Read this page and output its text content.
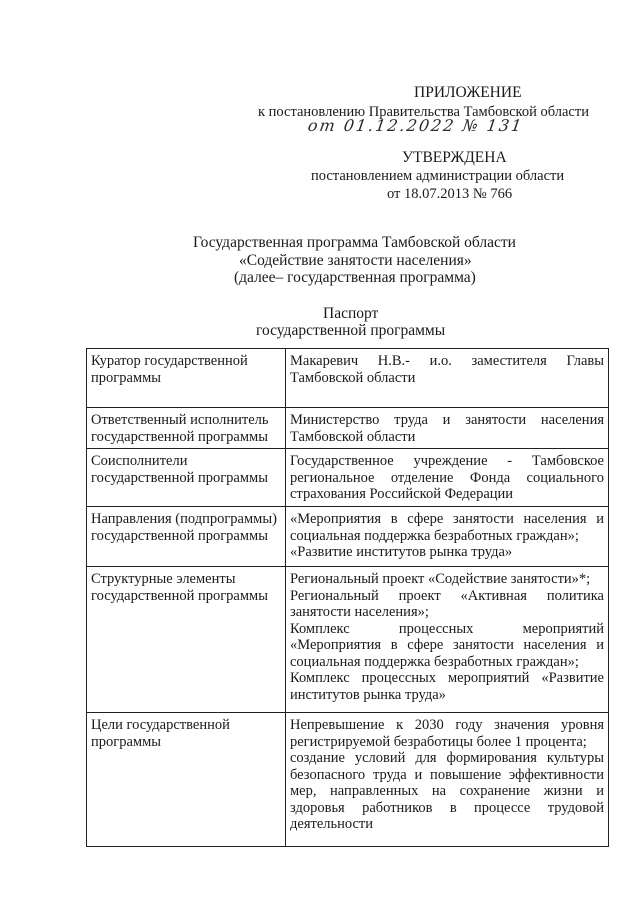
ПРИЛОЖЕНИЕ
к постановлению Правительства Тамбовской области
от 01.12.2022 № 131
УТВЕРЖДЕНА
постановлением администрации области
от 18.07.2013 № 766
Государственная программа Тамбовской области
«Содействие занятости населения»
(далее– государственная программа)
Паспорт
государственной программы
Куратор государственной программы	Макаревич Н.В.- и.о. заместителя Главы Тамбовской области

Ответственный исполнитель государственной программы	Министерство труда и занятости населения Тамбовской области

Соисполнители государственной программы	Государственное учреждение - Тамбовское региональное отделение Фонда социального страхования Российской Федерации

Направления (подпрограммы) государственной программы	«Мероприятия в сфере занятости населения и социальная поддержка безработных граждан»;
«Развитие институтов рынка труда»

Структурные элементы государственной программы	Региональный проект «Содействие занятости»*;
Региональный проект «Активная политика занятости населения»;
Комплекс процессных мероприятий «Мероприятия в сфере занятости населения и социальная поддержка безработных граждан»;
Комплекс процессных мероприятий «Развитие институтов рынка труда»

Цели государственной программы	Непревышение к 2030 году значения уровня регистрируемой безработицы более 1 процента;
создание условий для формирования культуры безопасного труда и повышение эффективности мер, направленных на сохранение жизни и здоровья работников в процессе трудовой деятельности
